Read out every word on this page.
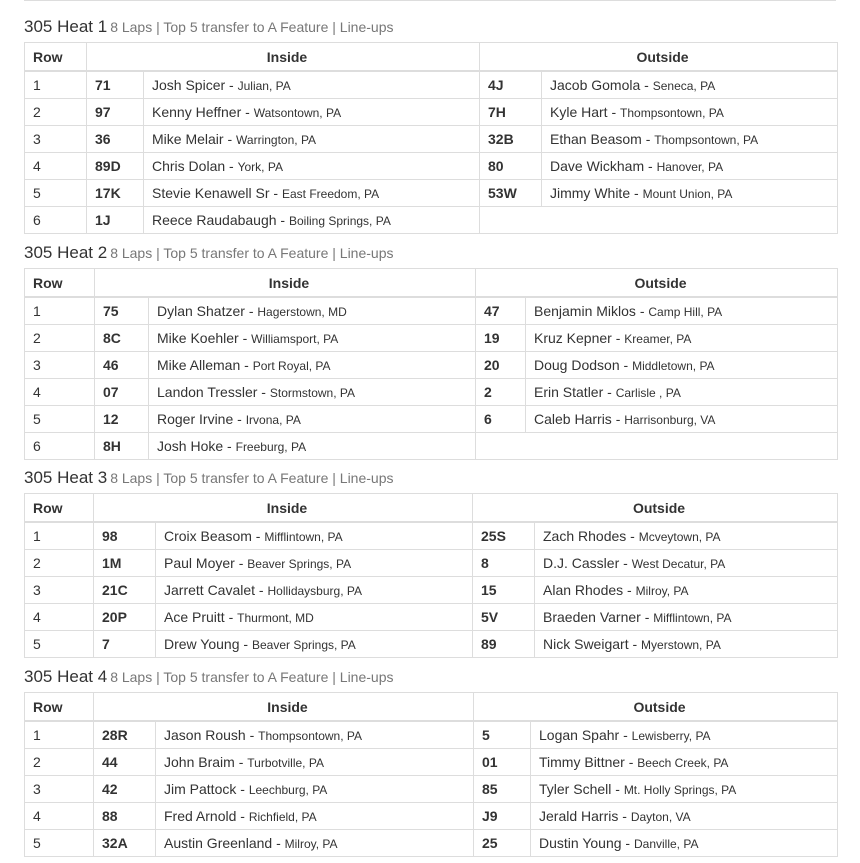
305 Heat 1 8 Laps | Top 5 transfer to A Feature | Line-ups
Row	Inside		Outside	
1	71	Josh Spicer - Julian, PA	4J	Jacob Gomola - Seneca, PA
2	97	Kenny Heffner - Watsontown, PA	7H	Kyle Hart - Thompsontown, PA
3	36	Mike Melair - Warrington, PA	32B	Ethan Beasom - Thompsontown, PA
4	89D	Chris Dolan - York, PA	80	Dave Wickham - Hanover, PA
5	17K	Stevie Kenawell Sr - East Freedom, PA	53W	Jimmy White - Mount Union, PA
6	1J	Reece Raudabaugh - Boiling Springs, PA		
305 Heat 2 8 Laps | Top 5 transfer to A Feature | Line-ups
Row	Inside		Outside	
1	75	Dylan Shatzer - Hagerstown, MD	47	Benjamin Miklos - Camp Hill, PA
2	8C	Mike Koehler - Williamsport, PA	19	Kruz Kepner - Kreamer, PA
3	46	Mike Alleman - Port Royal, PA	20	Doug Dodson - Middletown, PA
4	07	Landon Tressler - Stormstown, PA	2	Erin Statler - Carlisle , PA
5	12	Roger Irvine - Irvona, PA	6	Caleb Harris - Harrisonburg, VA
6	8H	Josh Hoke - Freeburg, PA		
305 Heat 3 8 Laps | Top 5 transfer to A Feature | Line-ups
Row	Inside		Outside	
1	98	Croix Beasom - Mifflintown, PA	25S	Zach Rhodes - Mcveytown, PA
2	1M	Paul Moyer - Beaver Springs, PA	8	D.J. Cassler - West Decatur, PA
3	21C	Jarrett Cavalet - Hollidaysburg, PA	15	Alan Rhodes - Milroy, PA
4	20P	Ace Pruitt - Thurmont, MD	5V	Braeden Varner - Mifflintown, PA
5	7	Drew Young - Beaver Springs, PA	89	Nick Sweigart - Myerstown, PA
305 Heat 4 8 Laps | Top 5 transfer to A Feature | Line-ups
Row	Inside		Outside	
1	28R	Jason Roush - Thompsontown, PA	5	Logan Spahr - Lewisberry, PA
2	44	John Braim - Turbotville, PA	01	Timmy Bittner - Beech Creek, PA
3	42	Jim Pattock - Leechburg, PA	85	Tyler Schell - Mt. Holly Springs, PA
4	88	Fred Arnold - Richfield, PA	J9	Jerald Harris - Dayton, VA
5	32A	Austin Greenland - Milroy, PA	25	Dustin Young - Danville, PA
